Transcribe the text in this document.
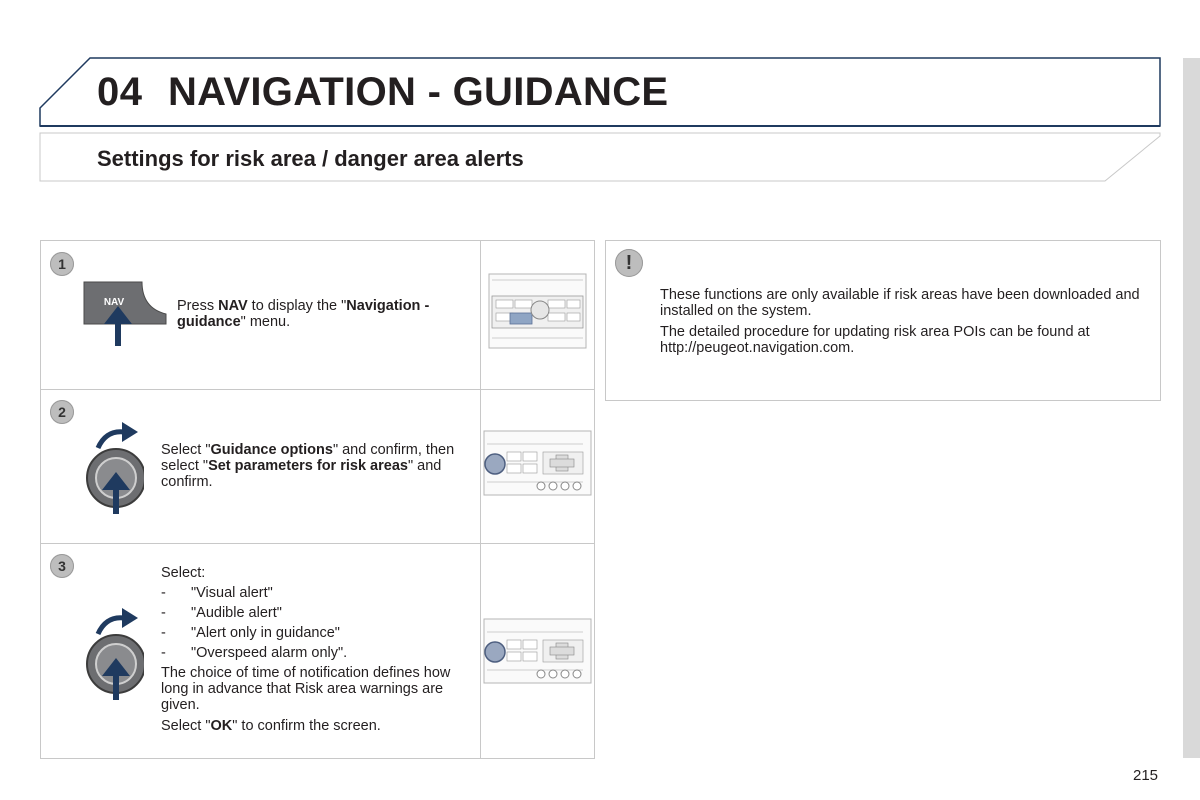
04 NAVIGATION - GUIDANCE
Settings for risk area / danger area alerts
1
NAV	Press NAV to display the "Navigation - guidance" menu.
2
Select "Guidance options" and confirm, then select "Set parameters for risk areas" and confirm.
3	Select:
- "Visual alert"
- "Audible alert"
- "Alert only in guidance"
- "Overspeed alarm only".
The choice of time of notification defines how long in advance that Risk area warnings are given.
Select "OK" to confirm the screen.
!

These functions are only available if risk areas have been downloaded and installed on the system.

The detailed procedure for updating risk area POIs can be found at http://peugeot.navigation.com.

215
